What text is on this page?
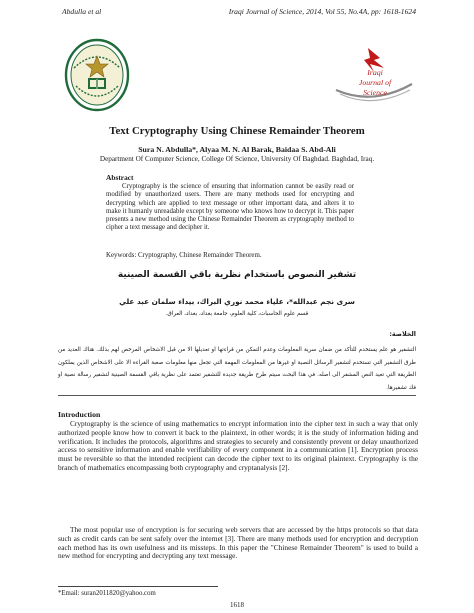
Abdulla et al	Iraqi Journal of Science, 2014, Vol 55, No.4A, pp: 1618-1624
Iraqi
Journal of
Science
Text Cryptography Using Chinese Remainder Theorem
Sura N. Abdulla*, Alyaa M. N. Al Barak, Baidaa S. Abd-Ali
Department Of Computer Science, College Of Science, University Of Baghdad. Baghdad, Iraq.
Abstract
Cryptography is the science of ensuring that information cannot be easily read or modified by unauthorized users. There are many methods used for encrypting and decrypting which are applied to text message or other important data, and alters it to make it humanly unreadable except by someone who knows how to decrypt it. This paper presents a new method using the Chinese Remainder Theorem as cryptography method to cipher a text message and decipher it.
Keywords: Cryptography, Chinese Remainder Theorem.
تشفير النصوص باستخدام نظرية باقي القسمة الصينية
سرى نجم عبدالله*، علياء محمد نوري البراك، بيداء سلمان عبد علي
قسم علوم الحاسبات، كلية العلوم، جامعة بغداد، بغداد، العراق.
الخلاصة:
التشفير هو علم يستخدم للتأكد من ضمان سرية المعلومات وعدم التمكن من قراءتها او تعديلها الا من قبل الاشخاص المرخص لهم بذلك. هناك العديد من طرق التشفير التي تستخدم لتشفير الرسائل النصية او غيرها من المعلومات المهمة التي تجعل منها معلومات صعبة القراءة الا على الاشخاص الذين يملكون الطريقة التي تعيد النص المشفر الى اصله. في هذا البحث سيتم طرح طريقة جديدة للتشفير تعتمد على نظرية باقي القسمة الصينية لتشفير رسالة نصية او فك تشفيرها.
Introduction
Cryptography is the science of using mathematics to encrypt information into the cipher text in such a way that only authorized people know how to convert it back to the plaintext, in other words; it is the study of information hiding and verification. It includes the protocols, algorithms and strategies to securely and consistently prevent or delay unauthorized access to sensitive information and enable verifiability of every component in a communication [1]. Encryption process must be reversible so that the intended recipient can decode the cipher text to its original plaintext. Cryptography is the branch of mathematics encompassing both cryptography and cryptanalysis [2].
The most popular use of encryption is for securing web servers that are accessed by the https protocols so that data such as credit cards can be sent safely over the internet [3]. There are many methods used for encryption and decryption each method has its own usefulness and its missteps. In this paper the "Chinese Remainder Theorem" is used to build a new method for encrypting and decrypting any text message.
*Email: suran2011820@yahoo.com
1618
